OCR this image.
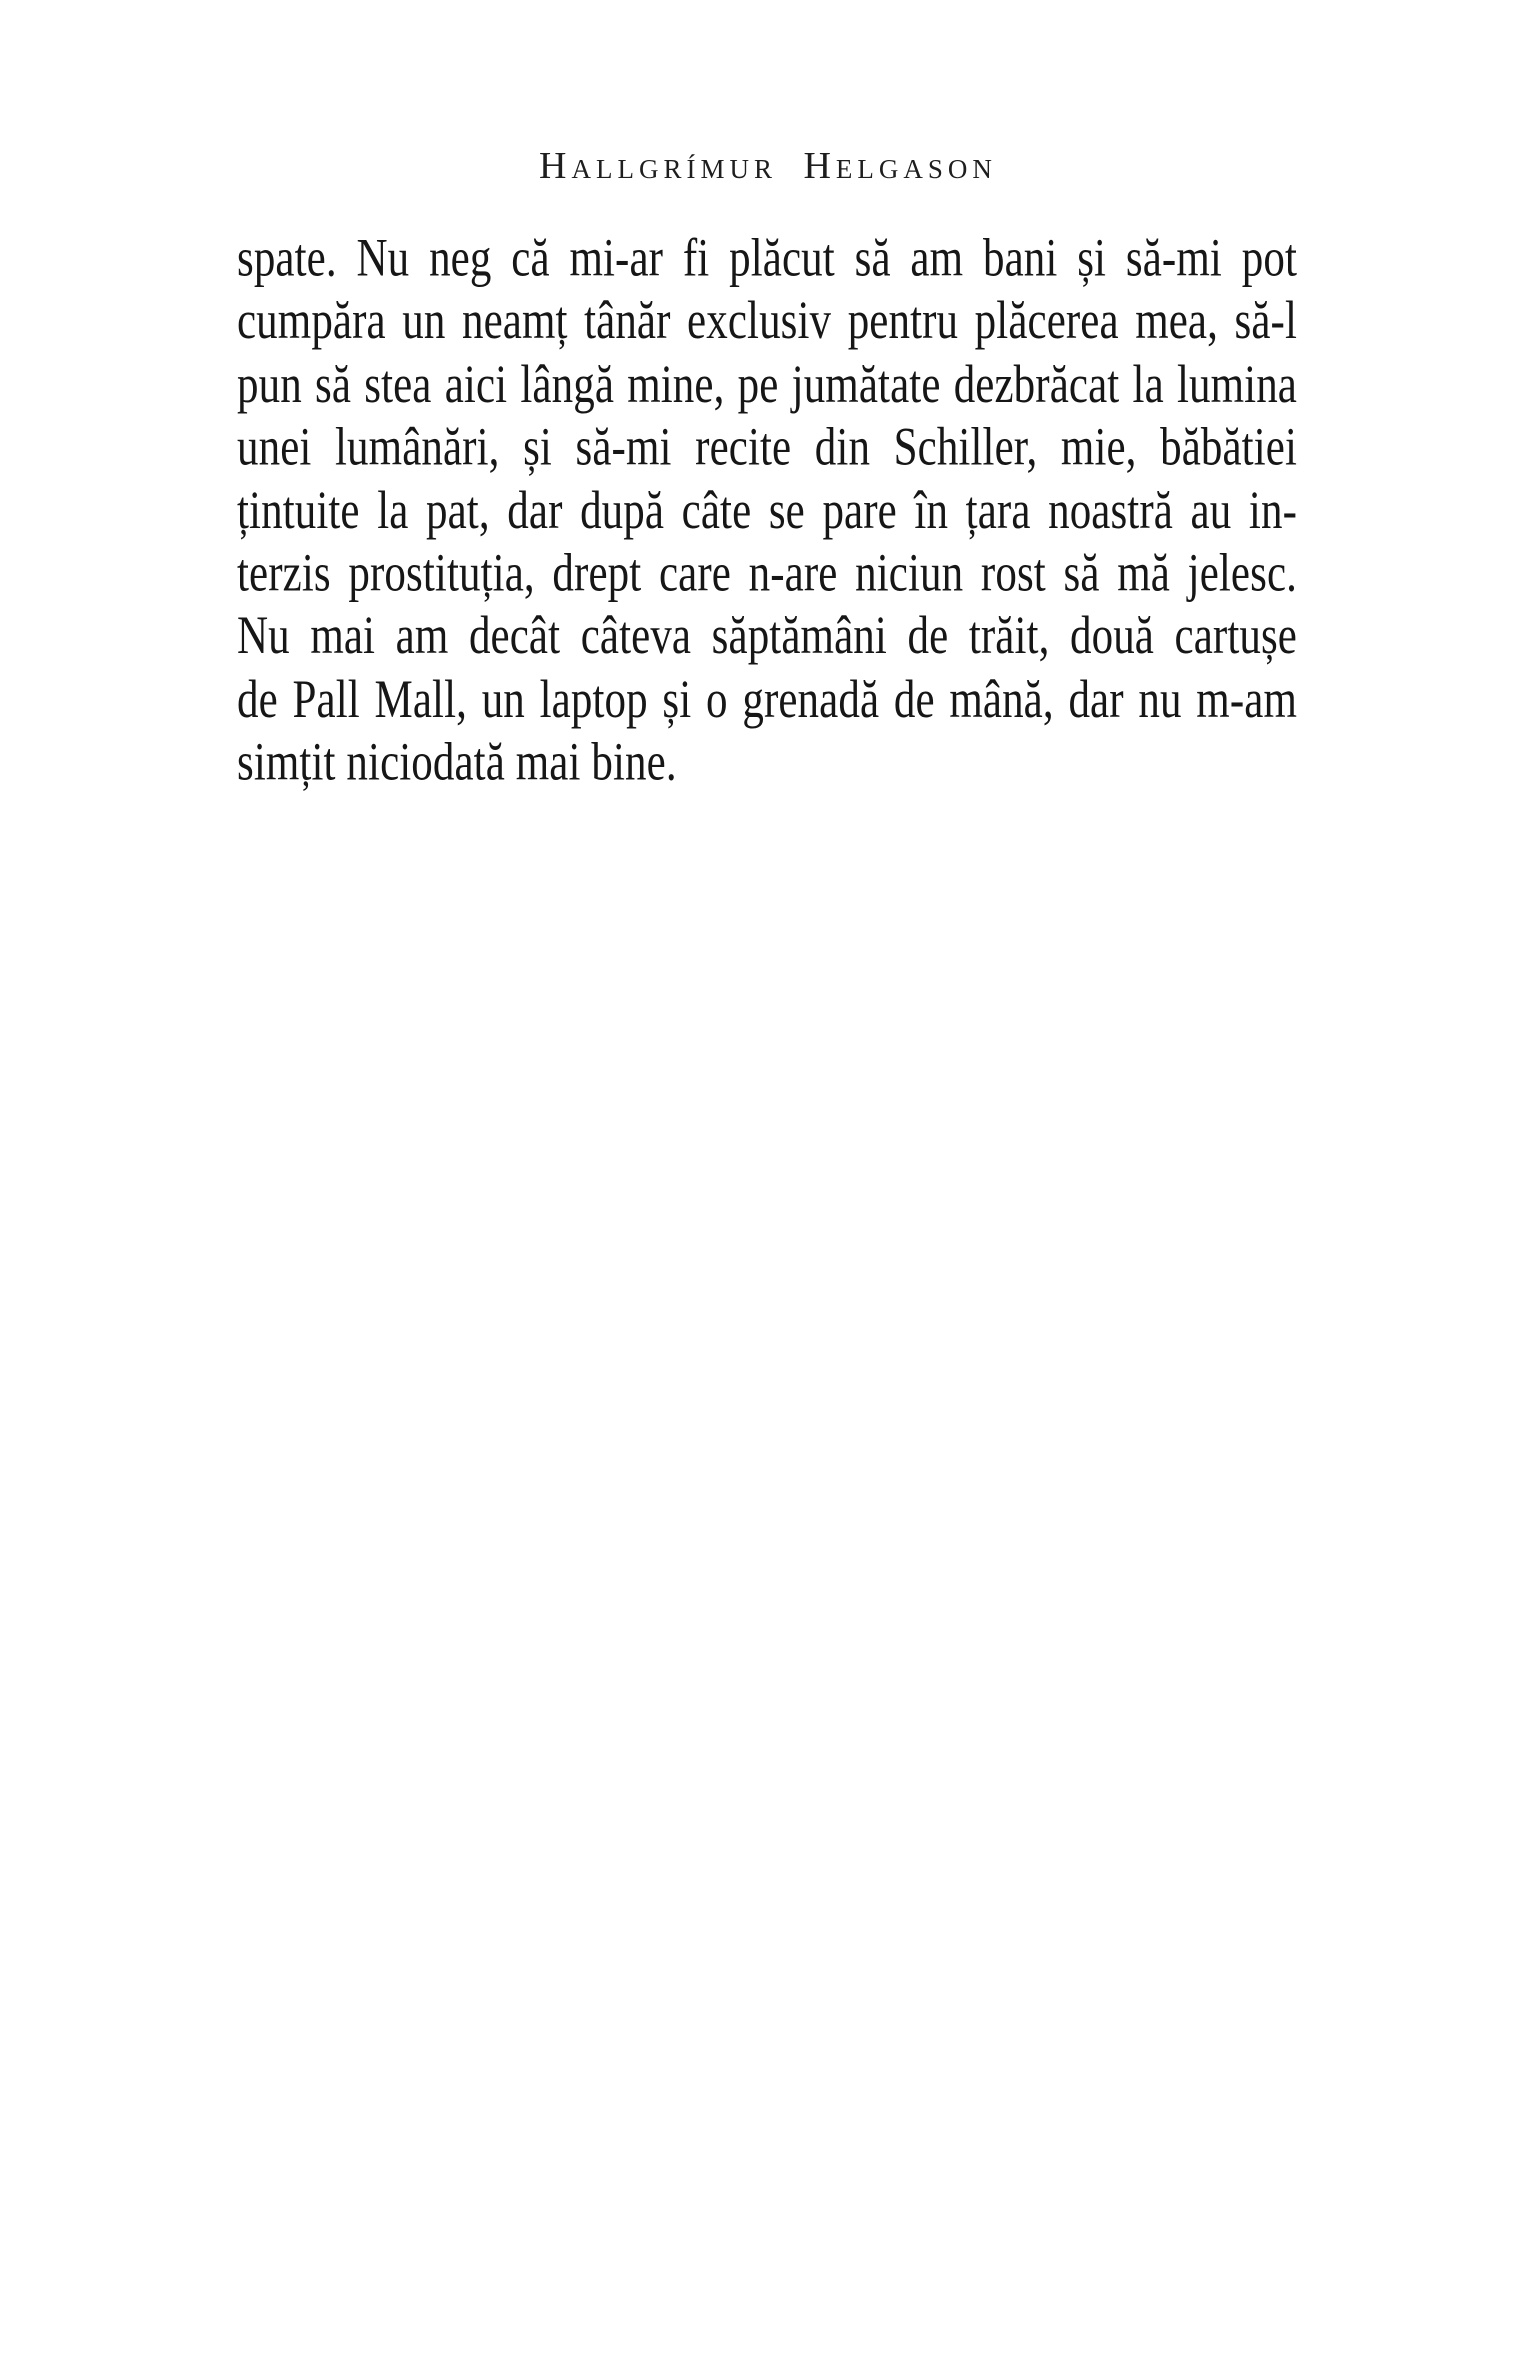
Hallgrímur Helgason
spate. Nu neg că mi-ar fi plăcut să am bani și să-mi pot
cumpăra un neamț tânăr exclusiv pentru plăcerea mea, să-l
pun să stea aici lângă mine, pe jumătate dezbrăcat la lumina
unei lumânări, și să-mi recite din Schiller, mie, băbătiei
țintuite la pat, dar după câte se pare în țara noastră au in-
terzis prostituția, drept care n-are niciun rost să mă jelesc.
Nu mai am decât câteva săptămâni de trăit, două cartușe
de Pall Mall, un laptop și o grenadă de mână, dar nu m-am
simțit niciodată mai bine.
